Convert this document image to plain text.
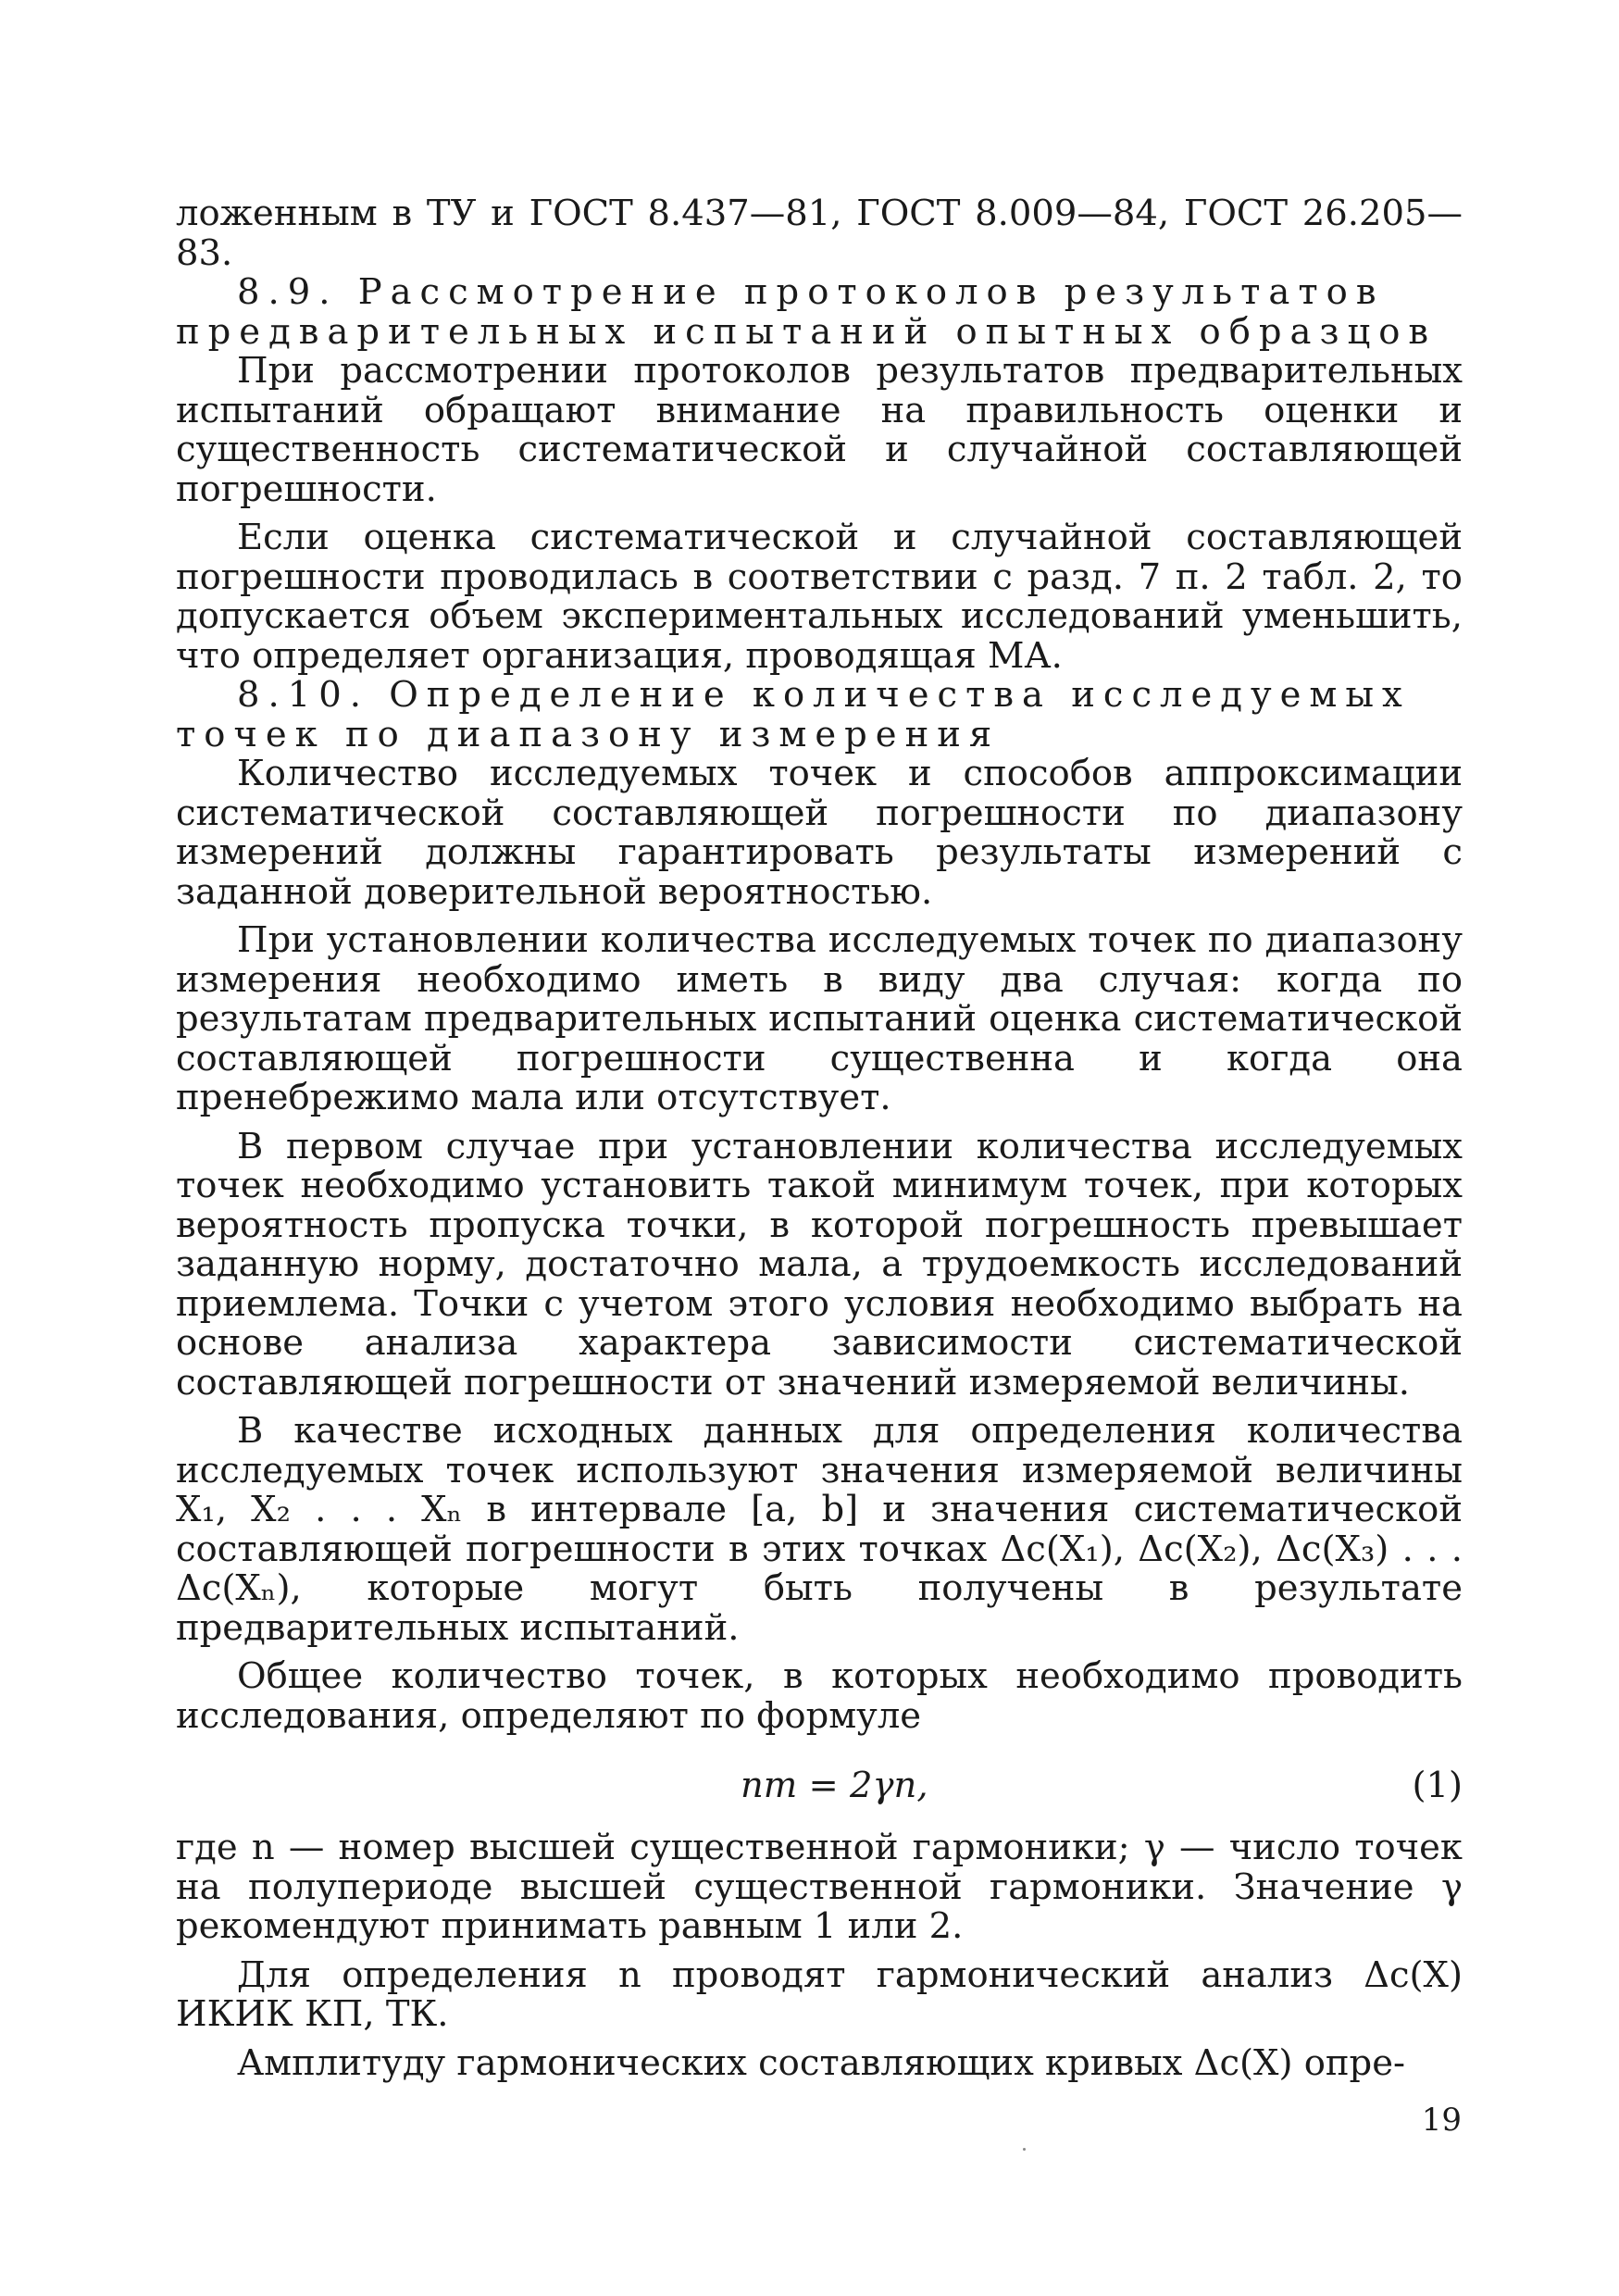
ложенным в ТУ и ГОСТ 8.437—81, ГОСТ 8.009—84, ГОСТ 26.205—83.

8.9. Рассмотрение протоколов результатов

предварительных испытаний опытных образцов

При рассмотрении протоколов результатов предварительных испытаний обращают внимание на правильность оценки и существенность систематической и случайной составляющей погрешности.

Если оценка систематической и случайной составляющей погрешности проводилась в соответствии с разд. 7 п. 2 табл. 2, то допускается объем экспериментальных исследований уменьшить, что определяет организация, проводящая МА.

8.10. Определение количества исследуемых

точек по диапазону измерения

Количество исследуемых точек и способов аппроксимации систематической составляющей погрешности по диапазону измерений должны гарантировать результаты измерений с заданной доверительной вероятностью.

При установлении количества исследуемых точек по диапазону измерения необходимо иметь в виду два случая: когда по результатам предварительных испытаний оценка систематической составляющей погрешности существенна и когда она пренебрежимо мала или отсутствует.

В первом случае при установлении количества исследуемых точек необходимо установить такой минимум точек, при которых вероятность пропуска точки, в которой погрешность превышает заданную норму, достаточно мала, а трудоемкость исследований приемлема. Точки с учетом этого условия необходимо выбрать на основе анализа характера зависимости систематической составляющей погрешности от значений измеряемой величины.

В качестве исходных данных для определения количества исследуемых точек используют значения измеряемой величины X₁, X₂ . . . Xₙ в интервале [a, b] и значения систематической составляющей погрешности в этих точках Δc(X₁), Δc(X₂), Δc(X₃) . . . Δc(Xₙ), которые могут быть получены в результате предварительных испытаний.

Общее количество точек, в которых необходимо проводить исследования, определяют по формуле

nт = 2γn,	(1)

где n — номер высшей существенной гармоники; γ — число точек на полупериоде высшей существенной гармоники. Значение γ рекомендуют принимать равным 1 или 2.

Для определения n проводят гармонический анализ Δc(X) ИКИК КП, ТК.

Амплитуду гармонических составляющих кривых Δc(X) опре-

19
